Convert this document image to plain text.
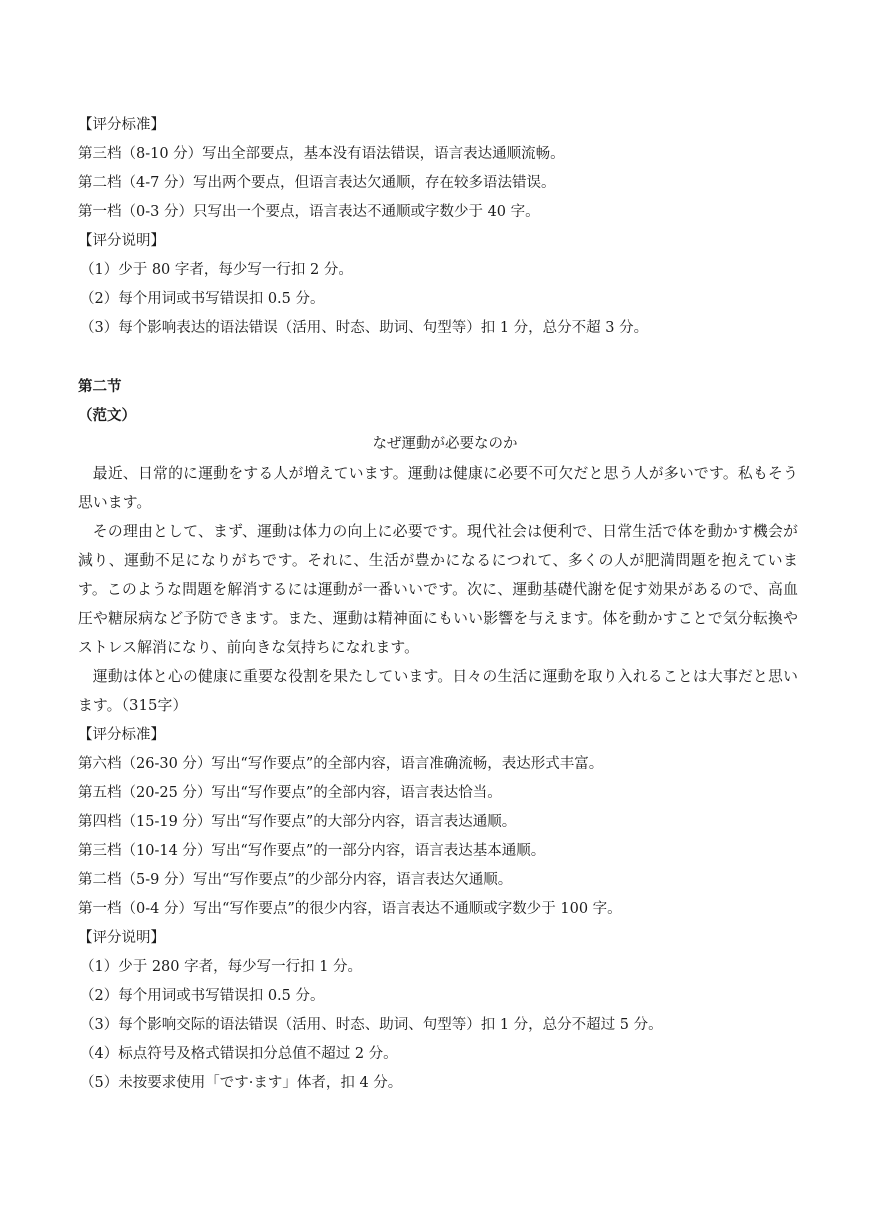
【评分标准】
第三档（8-10 分）写出全部要点，基本没有语法错误，语言表达通顺流畅。
第二档（4-7 分）写出两个要点，但语言表达欠通顺，存在较多语法错误。
第一档（0-3 分）只写出一个要点，语言表达不通顺或字数少于 40 字。
【评分说明】
（1）少于 80 字者，每少写一行扣 2 分。
（2）每个用词或书写错误扣 0.5 分。
（3）每个影响表达的语法错误（活用、时态、助词、句型等）扣 1 分，总分不超 3 分。
第二节
（范文）
なぜ運動が必要なのか
最近、日常的に運動をする人が増えています。運動は健康に必要不可欠だと思う人が多いです。私もそう思います。
その理由として、まず、運動は体力の向上に必要です。現代社会は便利で、日常生活で体を動かす機会が減り、運動不足になりがちです。それに、生活が豊かになるにつれて、多くの人が肥満問題を抱えています。このような問題を解消するには運動が一番いいです。次に、運動基礎代謝を促す効果があるので、高血圧や糖尿病など予防できます。また、運動は精神面にもいい影響を与えます。体を動かすことで気分転換やストレス解消になり、前向きな気持ちになれます。
運動は体と心の健康に重要な役割を果たしています。日々の生活に運動を取り入れることは大事だと思います。（315字）
【评分标准】
第六档（26-30 分）写出“写作要点”的全部内容，语言准确流畅，表达形式丰富。
第五档（20-25 分）写出“写作要点”的全部内容，语言表达恰当。
第四档（15-19 分）写出“写作要点”的大部分内容，语言表达通顺。
第三档（10-14 分）写出“写作要点”的一部分内容，语言表达基本通顺。
第二档（5-9 分）写出“写作要点”的少部分内容，语言表达欠通顺。
第一档（0-4 分）写出“写作要点”的很少内容，语言表达不通顺或字数少于 100 字。
【评分说明】
（1）少于 280 字者，每少写一行扣 1 分。
（2）每个用词或书写错误扣 0.5 分。
（3）每个影响交际的语法错误（活用、时态、助词、句型等）扣 1 分，总分不超过 5 分。
（4）标点符号及格式错误扣分总值不超过 2 分。
（5）未按要求使用「です·ます」体者，扣 4 分。
